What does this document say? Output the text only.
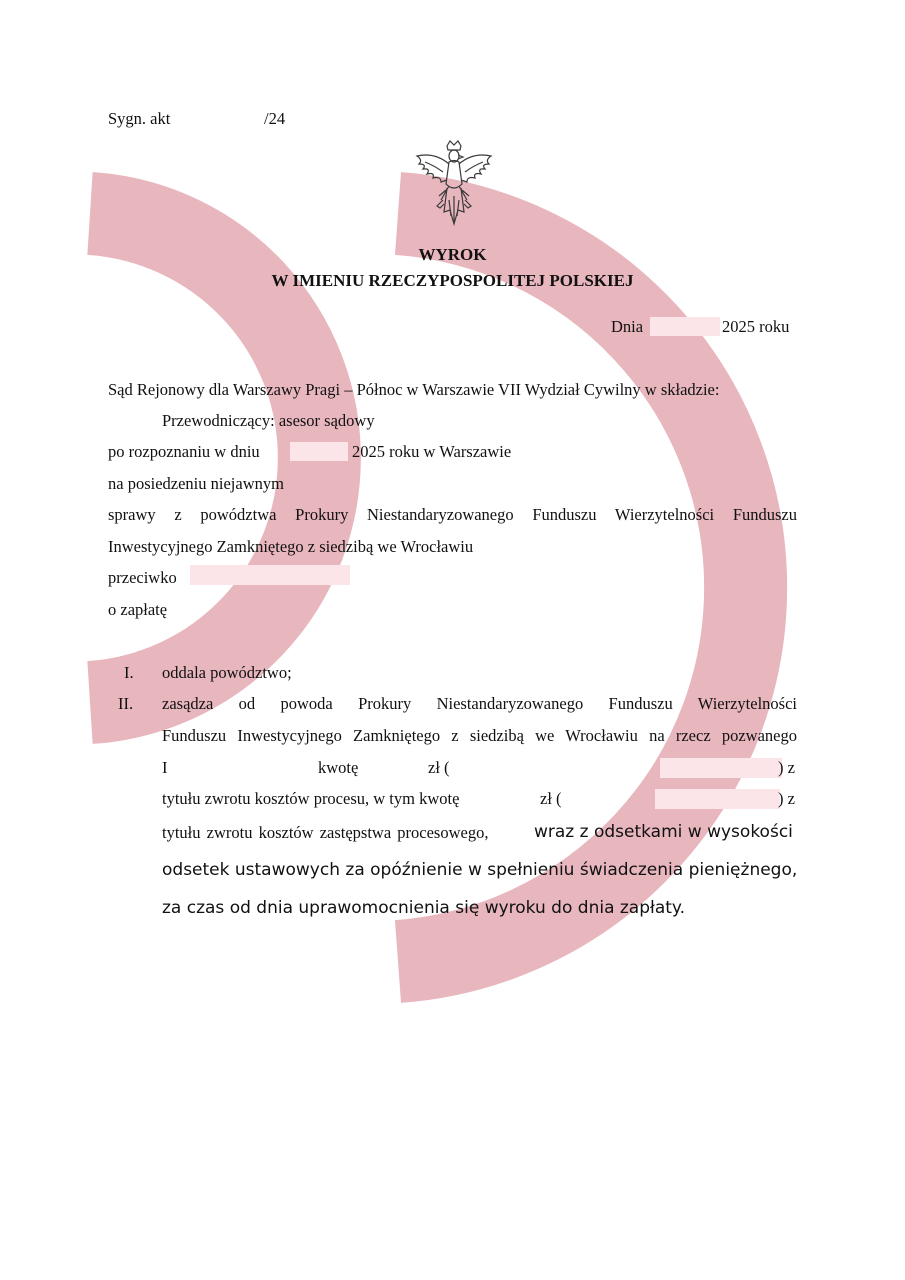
Sygn. akt	/24
WYROK
W IMIENIU RZECZYPOSPOLITEJ POLSKIEJ
Dnia	2025 roku
Sąd Rejonowy dla Warszawy Pragi – Północ w Warszawie VII Wydział Cywilny w składzie:
Przewodniczący: asesor sądowy
po rozpoznaniu w dniu	2025 roku w Warszawie
na posiedzeniu niejawnym
sprawy z powództwa Prokury Niestandaryzowanego Funduszu Wierzytelności Funduszu
Inwestycyjnego Zamkniętego z siedzibą we Wrocławiu
przeciwko
o zapłatę
I. oddala powództwo;
II. zasądza od powoda Prokury Niestandaryzowanego Funduszu Wierzytelności
Funduszu Inwestycyjnego Zamkniętego z siedzibą we Wrocławiu na rzecz pozwanego
I	kwotę	zł (	) z
tytułu zwrotu kosztów procesu, w tym kwotę	zł (	) z
tytułu zwrotu kosztów zastępstwa procesowego,	wraz z odsetkami w wysokości
odsetek ustawowych za opóźnienie w spełnieniu świadczenia pieniężnego,
za czas od dnia uprawomocnienia się wyroku do dnia zapłaty.
